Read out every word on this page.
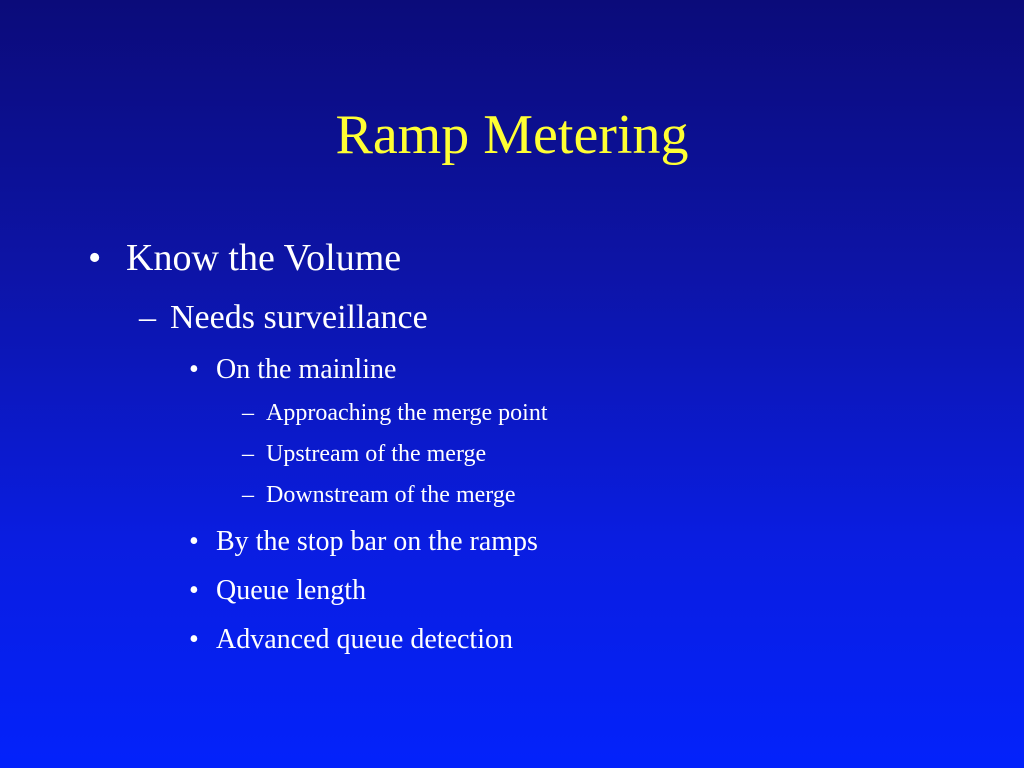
Ramp Metering
• Know the Volume
– Needs surveillance
• On the mainline
– Approaching the merge point
– Upstream of the merge
– Downstream of the merge
• By the stop bar on the ramps
• Queue length
• Advanced queue detection
